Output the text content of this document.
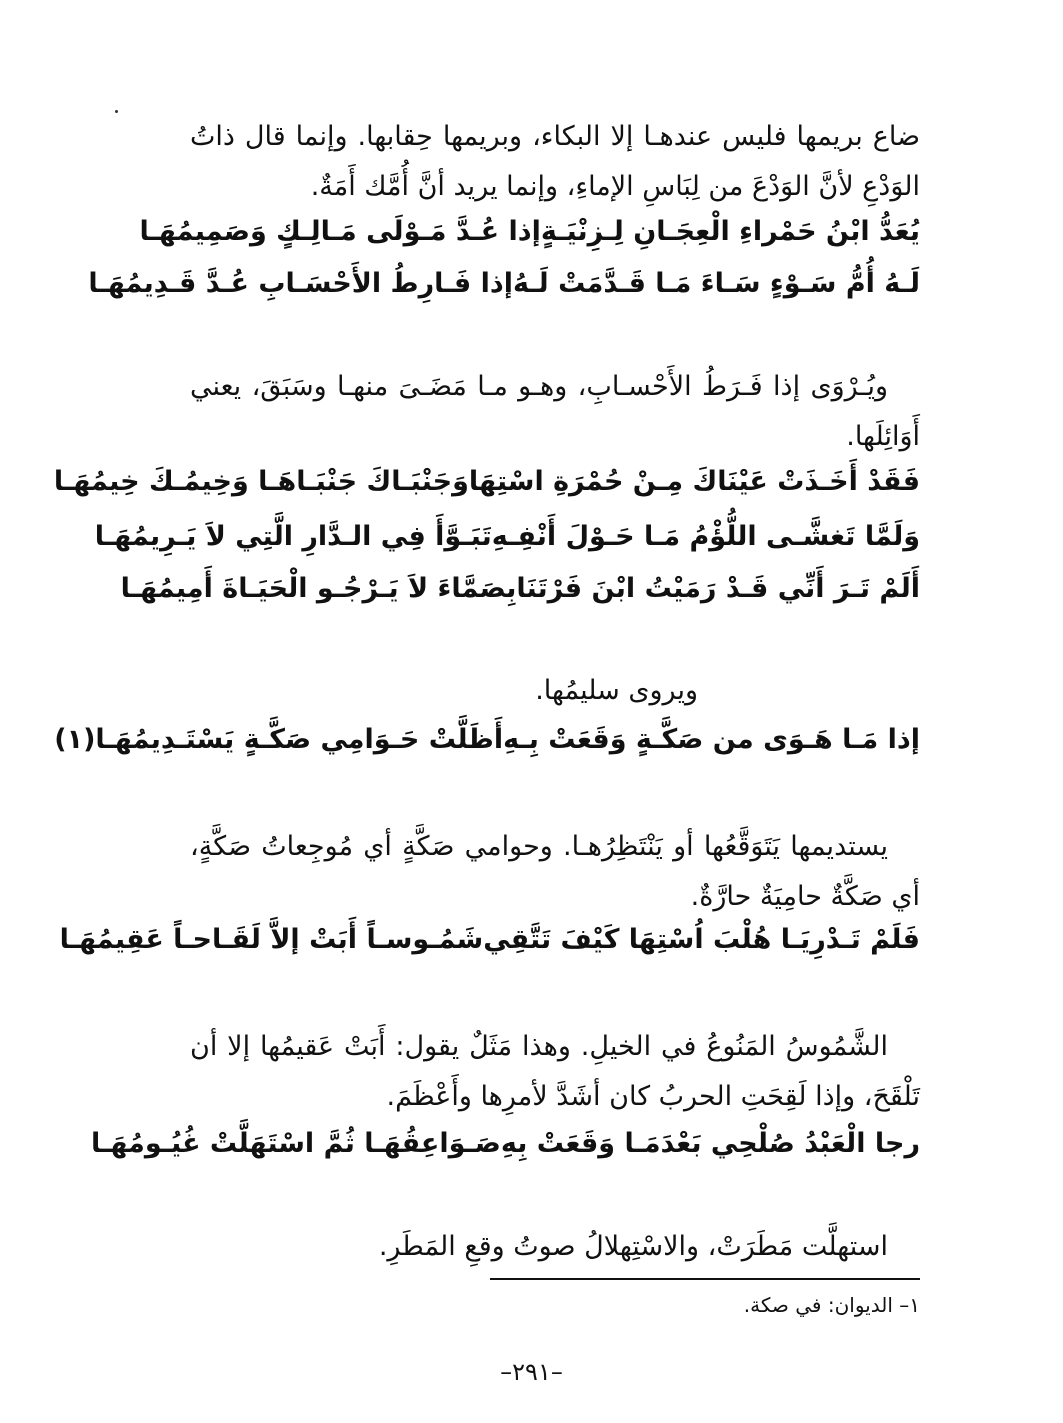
ضاع بريمها فليس عندهـا إلا البكاء، وبريمها حِقابها. وإنما قال ذاتُ الوَدْعِ لأنَّ الوَدْعَ من لِبَاسِ الإماءِ، وإنما يريد أنَّ أُمَّك أَمَةٌ.

يُعَدُّ ابْنُ حَمْراءِ الْعِجَـانِ لِـزِنْيَـةٍ
إذا عُـدَّ مَـوْلَى مَـالِـكٍ وَصَمِيمُهَـا
لَـهُ أُمُّ سَـوْءٍ سَـاءَ مَـا قَـدَّمَتْ لَـهُ
إذا فَـارِطُ الأَحْسَـابِ عُـدَّ قَـدِيمُهَـا

ويُـرْوَى إذا فَـرَطُ الأَحْسـابِ، وهـو مـا مَضَـىَ منهـا وسَبَقَ، يعني أَوَائِلَها.

فَقَدْ أَخَـذَتْ عَيْنَاكَ مِـنْ حُمْرَةِ اسْتِهَا
وَجَنْبَـاكَ جَنْبَـاهَـا وَخِيمُـكَ خِيمُهَـا
وَلَمَّا تَغشَّـى اللُّؤْمُ مَـا حَـوْلَ أَنْفِـهِ
تَبَـوَّأَ فِي الـدَّارِ الَّتِي لاَ يَـرِيمُهَـا
أَلَمْ تَـرَ أَنِّي قَـدْ رَمَيْتُ ابْنَ فَرْتَنَا
بِصَمَّاءَ لاَ يَـرْجُـو الْحَيَـاةَ أَمِيمُهَـا

ويروى سليمُها.

إذا مَـا هَـوَى من صَكَّـةٍ وَقَعَتْ بِـهِ
أَظَلَّتْ حَـوَامِي صَكَّـةٍ يَسْتَـدِيمُهَـا(١)

يستديمها يَتَوَقَّعُها أو يَنْتَظِرُهـا. وحوامي صَكَّةٍ أي مُوجِعاتُ صَكَّةٍ، أي صَكَّةٌ حامِيَةٌ حارَّةٌ.

فَلَمْ تَـدْرِيَـا هُلْبَ اُسْتِهَا كَيْفَ تَتَّقِي
شَمُـوسـاً أَبَتْ إلاَّ لَقَـاحـاً عَقِيمُهَـا

الشَّمُوسُ المَنُوعُ في الخيلِ. وهذا مَثَلٌ يقول: أَبَتْ عَقيمُها إلا أن تَلْقَحَ، وإذا لَقِحَتِ الحربُ كان أشَدَّ لأمرِها وأَعْظَمَ.

رجا الْعَبْدُ صُلْحِي بَعْدَمَـا وَقَعَتْ بِهِ
صَـوَاعِقُهَـا ثُمَّ اسْتَهَلَّتْ غُيُـومُهَـا

استهلَّت مَطَرَتْ، والاسْتِهلالُ صوتُ وقعِ المَطَرِ.

١– الديوان: في صكة.
–٢٩١–
